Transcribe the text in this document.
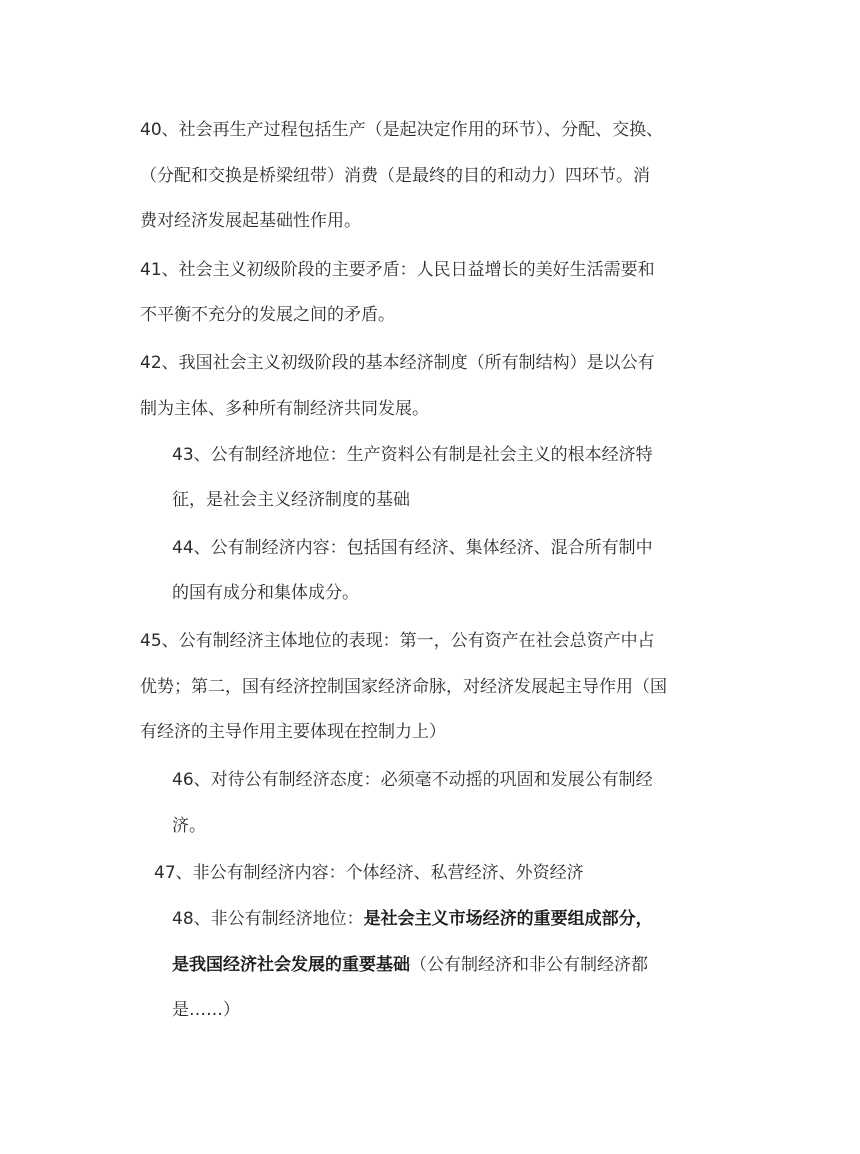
40、社会再生产过程包括生产（是起决定作用的环节）、分配、交换、
（分配和交换是桥梁纽带）消费（是最终的目的和动力）四环节。消
费对经济发展起基础性作用。
41、社会主义初级阶段的主要矛盾：人民日益增长的美好生活需要和
不平衡不充分的发展之间的矛盾。
42、我国社会主义初级阶段的基本经济制度（所有制结构）是以公有
制为主体、多种所有制经济共同发展。
43、公有制经济地位：生产资料公有制是社会主义的根本经济特
征，是社会主义经济制度的基础
44、公有制经济内容：包括国有经济、集体经济、混合所有制中
的国有成分和集体成分。
45、公有制经济主体地位的表现：第一，公有资产在社会总资产中占
优势；第二，国有经济控制国家经济命脉，对经济发展起主导作用（国
有经济的主导作用主要体现在控制力上）
46、对待公有制经济态度：必须毫不动摇的巩固和发展公有制经
济。
47、非公有制经济内容：个体经济、私营经济、外资经济
48、非公有制经济地位：是社会主义市场经济的重要组成部分，
是我国经济社会发展的重要基础（公有制经济和非公有制经济都
是……）
